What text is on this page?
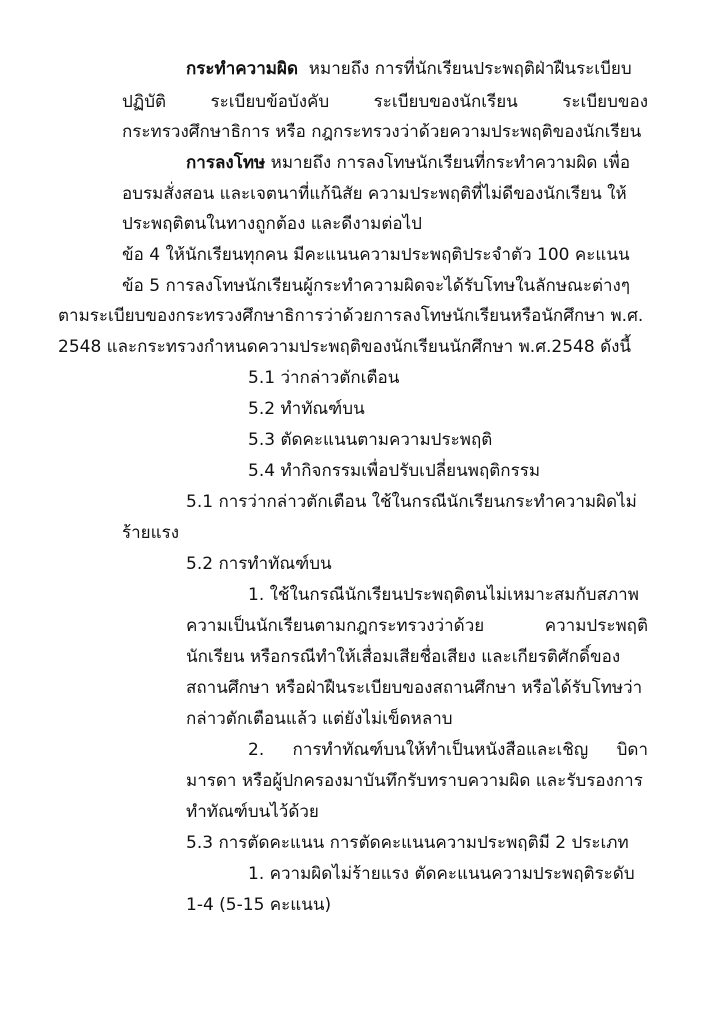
กระทำความผิด หมายถึง การที่นักเรียนประพฤติฝ่าฝืนระเบียบ
ปฏิบัติ ระเบียบข้อบังคับ ระเบียบของนักเรียน ระเบียบของ
กระทรวงศึกษาธิการ หรือ กฎกระทรวงว่าด้วยความประพฤติของนักเรียน
การลงโทษ หมายถึง การลงโทษนักเรียนที่กระทำความผิด เพื่อ
อบรมสั่งสอน และเจตนาที่แก้นิสัย ความประพฤติที่ไม่ดีของนักเรียน ให้
ประพฤติตนในทางถูกต้อง และดีงามต่อไป
ข้อ 4 ให้นักเรียนทุกคน มีคะแนนความประพฤติประจำตัว 100 คะแนน
ข้อ 5 การลงโทษนักเรียนผู้กระทำความผิดจะได้รับโทษในลักษณะต่างๆ
ตามระเบียบของกระทรวงศึกษาธิการว่าด้วยการลงโทษนักเรียนหรือนักศึกษา พ.ศ.
2548 และกระทรวงกำหนดความประพฤติของนักเรียนนักศึกษา พ.ศ.2548 ดังนี้
5.1 ว่ากล่าวตักเตือน
5.2 ทำทัณฑ์บน
5.3 ตัดคะแนนตามความประพฤติ
5.4 ทำกิจกรรมเพื่อปรับเปลี่ยนพฤติกรรม
5.1 การว่ากล่าวตักเตือน ใช้ในกรณีนักเรียนกระทำความผิดไม่
ร้ายแรง
5.2 การทำทัณฑ์บน
1. ใช้ในกรณีนักเรียนประพฤติตนไม่เหมาะสมกับสภาพ
ความเป็นนักเรียนตามกฎกระทรวงว่าด้วย ความประพฤติ
นักเรียน หรือกรณีทำให้เสื่อมเสียชื่อเสียง และเกียรติศักดิ์ของ
สถานศึกษา หรือฝ่าฝืนระเบียบของสถานศึกษา หรือได้รับโทษว่า
กล่าวตักเตือนแล้ว แต่ยังไม่เข็ดหลาบ
2. การทำทัณฑ์บนให้ทำเป็นหนังสือและเชิญ บิดา
มารดา หรือผู้ปกครองมาบันทึกรับทราบความผิด และรับรองการ
ทำทัณฑ์บนไว้ด้วย
5.3 การตัดคะแนน การตัดคะแนนความประพฤติมี 2 ประเภท
1. ความผิดไม่ร้ายแรง ตัดคะแนนความประพฤติระดับ
1-4 (5-15 คะแนน)
